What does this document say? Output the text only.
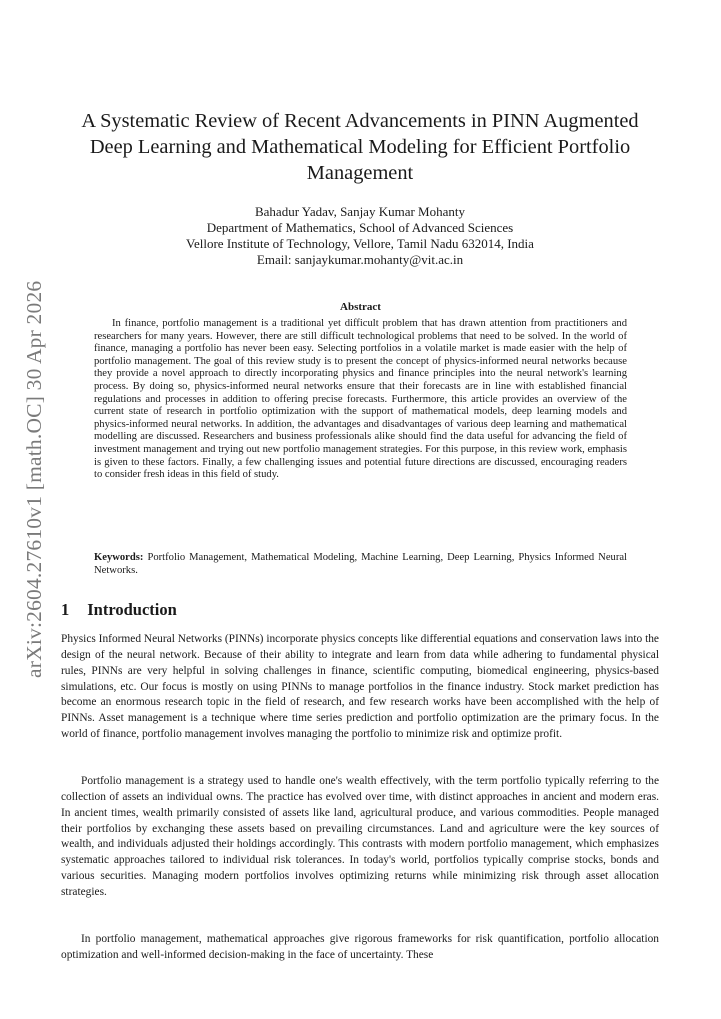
arXiv:2604.27610v1 [math.OC] 30 Apr 2026
A Systematic Review of Recent Advancements in PINN Augmented Deep Learning and Mathematical Modeling for Efficient Portfolio Management
Bahadur Yadav, Sanjay Kumar Mohanty
Department of Mathematics, School of Advanced Sciences
Vellore Institute of Technology, Vellore, Tamil Nadu 632014, India
Email: sanjaykumar.mohanty@vit.ac.in
Abstract

In finance, portfolio management is a traditional yet difficult problem that has drawn attention from practitioners and researchers for many years. However, there are still difficult technological problems that need to be solved. In the world of finance, managing a portfolio has never been easy. Selecting portfolios in a volatile market is made easier with the help of portfolio management. The goal of this review study is to present the concept of physics-informed neural networks because they provide a novel approach to directly incorporating physics and finance principles into the neural network's learning process. By doing so, physics-informed neural networks ensure that their forecasts are in line with established financial regulations and processes in addition to offering precise forecasts. Furthermore, this article provides an overview of the current state of research in portfolio optimization with the support of mathematical models, deep learning models and physics-informed neural networks. In addition, the advantages and disadvantages of various deep learning and mathematical modelling are discussed. Researchers and business professionals alike should find the data useful for advancing the field of investment management and trying out new portfolio management strategies. For this purpose, in this review work, emphasis is given to these factors. Finally, a few challenging issues and potential future directions are discussed, encouraging readers to consider fresh ideas in this field of study.

Keywords: Portfolio Management, Mathematical Modeling, Machine Learning, Deep Learning, Physics Informed Neural Networks.
1 Introduction

Physics Informed Neural Networks (PINNs) incorporate physics concepts like differential equations and conservation laws into the design of the neural network. Because of their ability to integrate and learn from data while adhering to fundamental physical rules, PINNs are very helpful in solving challenges in finance, scientific computing, biomedical engineering, physics-based simulations, etc. Our focus is mostly on using PINNs to manage portfolios in the finance industry. Stock market prediction has become an enormous research topic in the field of research, and few research works have been accomplished with the help of PINNs. Asset management is a technique where time series prediction and portfolio optimization are the primary focus. In the world of finance, portfolio management involves managing the portfolio to minimize risk and optimize profit.

Portfolio management is a strategy used to handle one's wealth effectively, with the term portfolio typically referring to the collection of assets an individual owns. The practice has evolved over time, with distinct approaches in ancient and modern eras. In ancient times, wealth primarily consisted of assets like land, agricultural produce, and various commodities. People managed their portfolios by exchanging these assets based on prevailing circumstances. Land and agriculture were the key sources of wealth, and individuals adjusted their holdings accordingly. This contrasts with modern portfolio management, which emphasizes systematic approaches tailored to individual risk tolerances. In today's world, portfolios typically comprise stocks, bonds and various securities. Managing modern portfolios involves optimizing returns while minimizing risk through asset allocation strategies.

In portfolio management, mathematical approaches give rigorous frameworks for risk quantification, portfolio allocation optimization and well-informed decision-making in the face of uncertainty. These
